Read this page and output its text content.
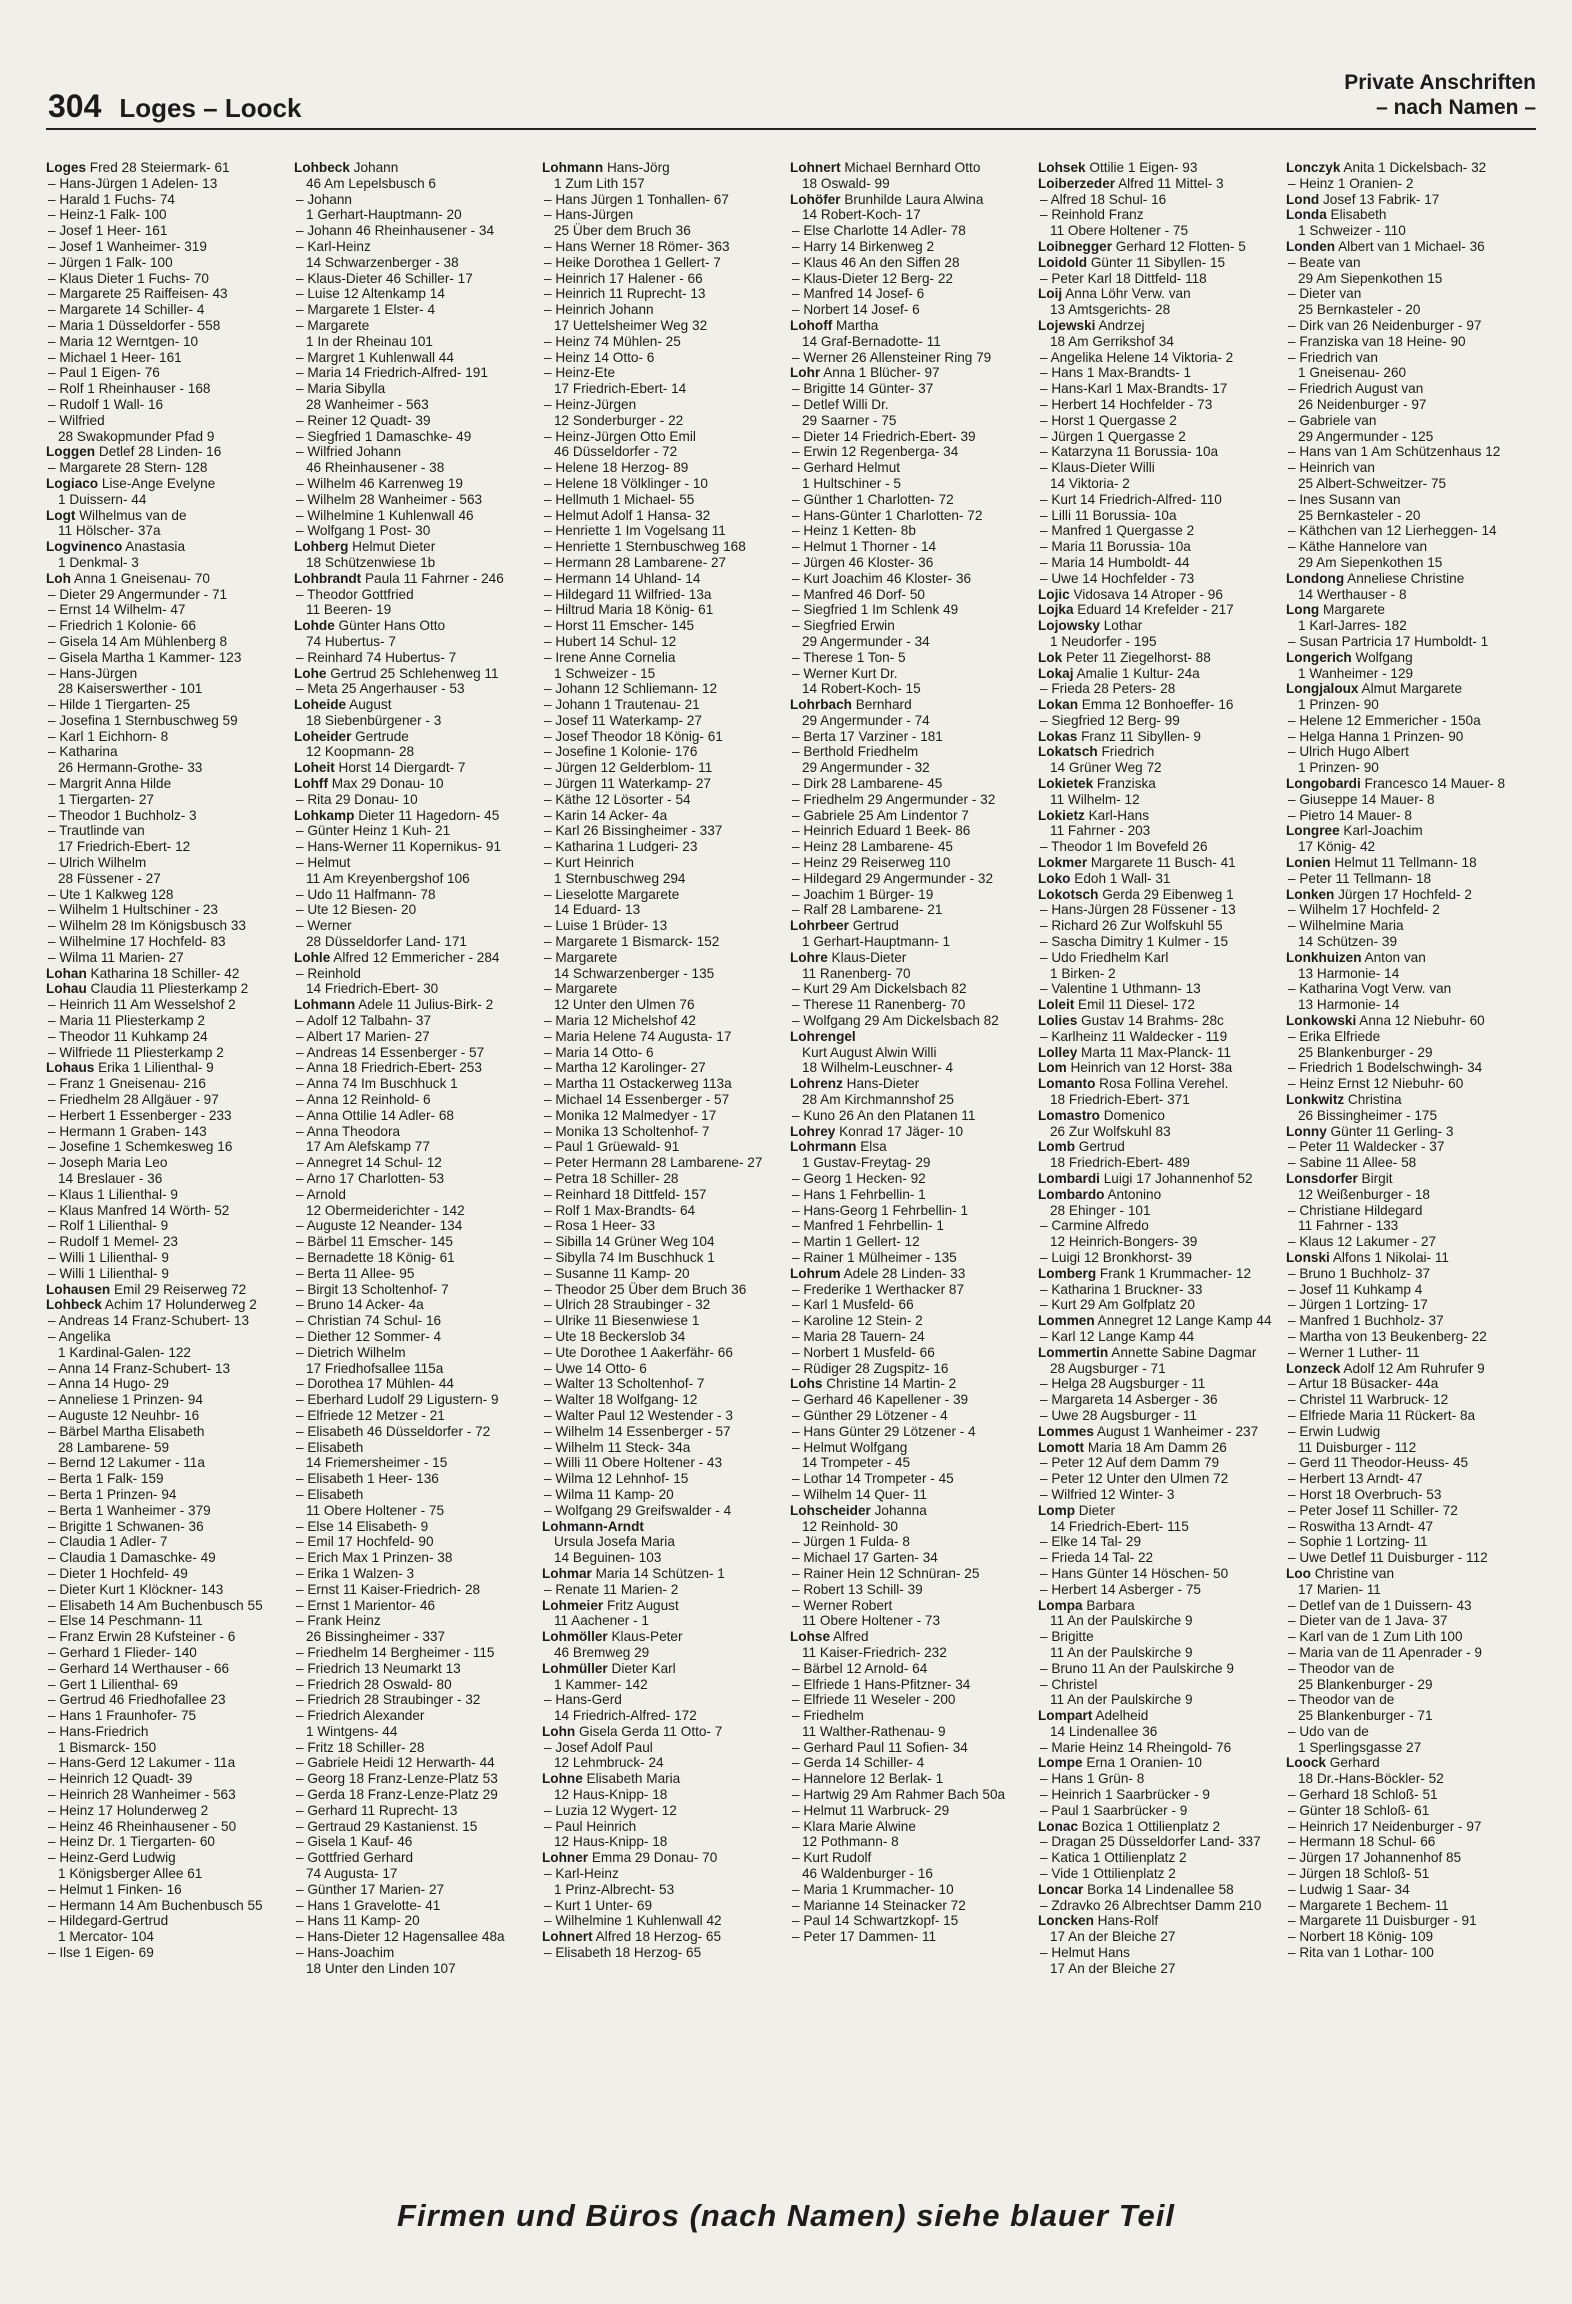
304 Loges – Loock
Private Anschriften
– nach Namen –
Loges Fred 28 Steiermark- 61
– Hans-Jürgen 1 Adelen- 13
– Harald 1 Fuchs- 74
– Heinz-1 Falk- 100
– Josef 1 Heer- 161
– Josef 1 Wanheimer- 319
– Jürgen 1 Falk- 100
– Klaus Dieter 1 Fuchs- 70
– Margarete 25 Raiffeisen- 43
– Margarete 14 Schiller- 4
– Maria 1 Düsseldorfer - 558
– Maria 12 Werntgen- 10
– Michael 1 Heer- 161
– Paul 1 Eigen- 76
– Rolf 1 Rheinhauser - 168
– Rudolf 1 Wall- 16
– Wilfried
28 Swakopmunder Pfad 9
Loggen Detlef 28 Linden- 16
– Margarete 28 Stern- 128
Logiaco Lise-Ange Evelyne
1 Duissern- 44
Logt Wilhelmus van de
11 Hölscher- 37a
Logvinenco Anastasia
1 Denkmal- 3
Loh Anna 1 Gneisenau- 70
– Dieter 29 Angermunder - 71
– Ernst 14 Wilhelm- 47
– Friedrich 1 Kolonie- 66
– Gisela 14 Am Mühlenberg 8
– Gisela Martha 1 Kammer- 123
– Hans-Jürgen
28 Kaiserswerther - 101
– Hilde 1 Tiergarten- 25
– Josefina 1 Sternbuschweg 59
– Karl 1 Eichhorn- 8
– Katharina
26 Hermann-Grothe- 33
– Margrit Anna Hilde
1 Tiergarten- 27
– Theodor 1 Buchholz- 3
– Trautlinde van
17 Friedrich-Ebert- 12
– Ulrich Wilhelm
28 Füssener - 27
– Ute 1 Kalkweg 128
– Wilhelm 1 Hultschiner - 23
– Wilhelm 28 Im Königsbusch 33
– Wilhelmine 17 Hochfeld- 83
– Wilma 11 Marien- 27
Lohan Katharina 18 Schiller- 42
Lohau Claudia 11 Pliesterkamp 2
– Heinrich 11 Am Wesselshof 2
– Maria 11 Pliesterkamp 2
– Theodor 11 Kuhkamp 24
– Wilfriede 11 Pliesterkamp 2
Lohaus Erika 1 Lilienthal- 9
– Franz 1 Gneisenau- 216
– Friedhelm 28 Allgäuer - 97
– Herbert 1 Essenberger - 233
– Hermann 1 Graben- 143
– Josefine 1 Schemkesweg 16
– Joseph Maria Leo
14 Breslauer - 36
– Klaus 1 Lilienthal- 9
– Klaus Manfred 14 Wörth- 52
– Rolf 1 Lilienthal- 9
– Rudolf 1 Memel- 23
– Willi 1 Lilienthal- 9
– Willi 1 Lilienthal- 9
Lohausen Emil 29 Reiserweg 72
Lohbeck Achim 17 Holunderweg 2
– Andreas 14 Franz-Schubert- 13
– Angelika
1 Kardinal-Galen- 122
– Anna 14 Franz-Schubert- 13
– Anna 14 Hugo- 29
– Anneliese 1 Prinzen- 94
– Auguste 12 Neuhbr- 16
– Bärbel Martha Elisabeth
28 Lambarene- 59
– Bernd 12 Lakumer - 11a
– Berta 1 Falk- 159
– Berta 1 Prinzen- 94
– Berta 1 Wanheimer - 379
– Brigitte 1 Schwanen- 36
– Claudia 1 Adler- 7
– Claudia 1 Damaschke- 49
– Dieter 1 Hochfeld- 49
– Dieter Kurt 1 Klöckner- 143
– Elisabeth 14 Am Buchenbusch 55
– Else 14 Peschmann- 11
– Franz Erwin 28 Kufsteiner - 6
– Gerhard 1 Flieder- 140
– Gerhard 14 Werthauser - 66
– Gert 1 Lilienthal- 69
– Gertrud 46 Friedhofallee 23
– Hans 1 Fraunhofer- 75
– Hans-Friedrich
1 Bismarck- 150
– Hans-Gerd 12 Lakumer - 11a
– Heinrich 12 Quadt- 39
– Heinrich 28 Wanheimer - 563
– Heinz 17 Holunderweg 2
– Heinz 46 Rheinhausener - 50
– Heinz Dr. 1 Tiergarten- 60
– Heinz-Gerd Ludwig
1 Königsberger Allee 61
– Helmut 1 Finken- 16
– Hermann 14 Am Buchenbusch 55
– Hildegard-Gertrud
1 Mercator- 104
– Ilse 1 Eigen- 69
Lohbeck Johann
46 Am Lepelsbusch 6
– Johann
1 Gerhart-Hauptmann- 20
– Johann 46 Rheinhausener - 34
– Karl-Heinz
14 Schwarzenberger - 38
– Klaus-Dieter 46 Schiller- 17
– Luise 12 Altenkamp 14
– Margarete 1 Elster- 4
– Margarete
1 In der Rheinau 101
– Margret 1 Kuhlenwall 44
– Maria 14 Friedrich-Alfred- 191
– Maria Sibylla
28 Wanheimer - 563
– Reiner 12 Quadt- 39
– Siegfried 1 Damaschke- 49
– Wilfried Johann
46 Rheinhausener - 38
– Wilhelm 46 Karrenweg 19
– Wilhelm 28 Wanheimer - 563
– Wilhelmine 1 Kuhlenwall 46
– Wolfgang 1 Post- 30
Lohberg Helmut Dieter
18 Schützenwiese 1b
Lohbrandt Paula 11 Fahrner - 246
– Theodor Gottfried
11 Beeren- 19
Lohde Günter Hans Otto
74 Hubertus- 7
– Reinhard 74 Hubertus- 7
Lohe Gertrud 25 Schlehenweg 11
– Meta 25 Angerhauser - 53
Loheide August
18 Siebenbürgener - 3
Loheider Gertrude
12 Koopmann- 28
Loheit Horst 14 Diergardt- 7
Lohff Max 29 Donau- 10
– Rita 29 Donau- 10
Lohkamp Dieter 11 Hagedorn- 45
– Günter Heinz 1 Kuh- 21
– Hans-Werner 11 Kopernikus- 91
– Helmut
11 Am Kreyenbergshof 106
– Udo 11 Halfmann- 78
– Ute 12 Biesen- 20
– Werner
28 Düsseldorfer Land- 171
Lohle Alfred 12 Emmericher - 284
– Reinhold
14 Friedrich-Ebert- 30
Lohmann Adele 11 Julius-Birk- 2
– Adolf 12 Talbahn- 37
– Albert 17 Marien- 27
– Andreas 14 Essenberger - 57
– Anna 18 Friedrich-Ebert- 253
– Anna 74 Im Buschhuck 1
– Anna 12 Reinhold- 6
– Anna Ottilie 14 Adler- 68
– Anna Theodora
17 Am Alefskamp 77
– Annegret 14 Schul- 12
– Arno 17 Charlotten- 53
– Arnold
12 Obermeiderichter - 142
– Auguste 12 Neander- 134
– Bärbel 11 Emscher- 145
– Bernadette 18 König- 61
– Berta 11 Allee- 95
– Birgit 13 Scholtenhof- 7
– Bruno 14 Acker- 4a
– Christian 74 Schul- 16
– Diether 12 Sommer- 4
– Dietrich Wilhelm
17 Friedhofsallee 115a
– Dorothea 17 Mühlen- 44
– Eberhard Ludolf 29 Ligustern- 9
– Elfriede 12 Metzer - 21
– Elisabeth 46 Düsseldorfer - 72
– Elisabeth
14 Friemersheimer - 15
– Elisabeth 1 Heer- 136
– Elisabeth
11 Obere Holtener - 75
– Else 14 Elisabeth- 9
– Emil 17 Hochfeld- 90
– Erich Max 1 Prinzen- 38
– Erika 1 Walzen- 3
– Ernst 11 Kaiser-Friedrich- 28
– Ernst 1 Marientor- 46
– Frank Heinz
26 Bissingheimer - 337
– Friedhelm 14 Bergheimer - 115
– Friedrich 13 Neumarkt 13
– Friedrich 28 Oswald- 80
– Friedrich 28 Straubinger - 32
– Friedrich Alexander
1 Wintgens- 44
– Fritz 18 Schiller- 28
– Gabriele Heidi 12 Herwarth- 44
– Georg 18 Franz-Lenze-Platz 53
– Gerda 18 Franz-Lenze-Platz 29
– Gerhard 11 Ruprecht- 13
– Gertraud 29 Kastanienst. 15
– Gisela 1 Kauf- 46
– Gottfried Gerhard
74 Augusta- 17
– Günther 17 Marien- 27
– Hans 1 Gravelotte- 41
– Hans 11 Kamp- 20
– Hans-Dieter 12 Hagensallee 48a
– Hans-Joachim
18 Unter den Linden 107
Lohmann Hans-Jörg
1 Zum Lith 157
– Hans Jürgen 1 Tonhallen- 67
– Hans-Jürgen
25 Über dem Bruch 36
– Hans Werner 18 Römer- 363
– Heike Dorothea 1 Gellert- 7
– Heinrich 17 Halener - 66
– Heinrich 11 Ruprecht- 13
– Heinrich Johann
17 Uettelsheimer Weg 32
– Heinz 74 Mühlen- 25
– Heinz 14 Otto- 6
– Heinz-Ete
17 Friedrich-Ebert- 14
– Heinz-Jürgen
12 Sonderburger - 22
– Heinz-Jürgen Otto Emil
46 Düsseldorfer - 72
– Helene 18 Herzog- 89
– Helene 18 Völklinger - 10
– Hellmuth 1 Michael- 55
– Helmut Adolf 1 Hansa- 32
– Henriette 1 Im Vogelsang 11
– Henriette 1 Sternbuschweg 168
– Hermann 28 Lambarene- 27
– Hermann 14 Uhland- 14
– Hildegard 11 Wilfried- 13a
– Hiltrud Maria 18 König- 61
– Horst 11 Emscher- 145
– Hubert 14 Schul- 12
– Irene Anne Cornelia
1 Schweizer - 15
– Johann 12 Schliemann- 12
– Johann 1 Trautenau- 21
– Josef 11 Waterkamp- 27
– Josef Theodor 18 König- 61
– Josefine 1 Kolonie- 176
– Jürgen 12 Gelderblom- 11
– Jürgen 11 Waterkamp- 27
– Käthe 12 Lösorter - 54
– Karin 14 Acker- 4a
– Karl 26 Bissingheimer - 337
– Katharina 1 Ludgeri- 23
– Kurt Heinrich
1 Sternbuschweg 294
– Lieselotte Margarete
14 Eduard- 13
– Luise 1 Brüder- 13
– Margarete 1 Bismarck- 152
– Margarete
14 Schwarzenberger - 135
– Margarete
12 Unter den Ulmen 76
– Maria 12 Michelshof 42
– Maria Helene 74 Augusta- 17
– Maria 14 Otto- 6
– Martha 12 Karolinger- 27
– Martha 11 Ostackerweg 113a
– Michael 14 Essenberger - 57
– Monika 12 Malmedyer - 17
– Monika 13 Scholtenhof- 7
– Paul 1 Grüewald- 91
– Peter Hermann 28 Lambarene- 27
– Petra 18 Schiller- 28
– Reinhard 18 Dittfeld- 157
– Rolf 1 Max-Brandts- 64
– Rosa 1 Heer- 33
– Sibilla 14 Grüner Weg 104
– Sibylla 74 Im Buschhuck 1
– Susanne 11 Kamp- 20
– Theodor 25 Über dem Bruch 36
– Ulrich 28 Straubinger - 32
– Ulrike 11 Biesenwiese 1
– Ute 18 Beckerslob 34
– Ute Dorothee 1 Aakerfähr- 66
– Uwe 14 Otto- 6
– Walter 13 Scholtenhof- 7
– Walter 18 Wolfgang- 12
– Walter Paul 12 Westender - 3
– Wilhelm 14 Essenberger - 57
– Wilhelm 11 Steck- 34a
– Willi 11 Obere Holtener - 43
– Wilma 12 Lehnhof- 15
– Wilma 11 Kamp- 20
– Wolfgang 29 Greifswalder - 4
Lohmann-Arndt
Ursula Josefa Maria
14 Beguinen- 103
Lohmar Maria 14 Schützen- 1
– Renate 11 Marien- 2
Lohmeier Fritz August
11 Aachener - 1
Lohmöller Klaus-Peter
46 Bremweg 29
Lohmüller Dieter Karl
1 Kammer- 142
– Hans-Gerd
14 Friedrich-Alfred- 172
Lohn Gisela Gerda 11 Otto- 7
– Josef Adolf Paul
12 Lehmbruck- 24
Lohne Elisabeth Maria
12 Haus-Knipp- 18
– Luzia 12 Wygert- 12
– Paul Heinrich
12 Haus-Knipp- 18
Lohner Emma 29 Donau- 70
– Karl-Heinz
1 Prinz-Albrecht- 53
– Kurt 1 Unter- 69
– Wilhelmine 1 Kuhlenwall 42
Lohnert Alfred 18 Herzog- 65
– Elisabeth 18 Herzog- 65
Lohnert Michael Bernhard Otto
18 Oswald- 99
Lohöfer Brunhilde Laura Alwina
14 Robert-Koch- 17
– Else Charlotte 14 Adler- 78
– Harry 14 Birkenweg 2
– Klaus 46 An den Siffen 28
– Klaus-Dieter 12 Berg- 22
– Manfred 14 Josef- 6
– Norbert 14 Josef- 6
Lohoff Martha
14 Graf-Bernadotte- 11
– Werner 26 Allensteiner Ring 79
Lohr Anna 1 Blücher- 97
– Brigitte 14 Günter- 37
– Detlef Willi Dr.
29 Saarner - 75
– Dieter 14 Friedrich-Ebert- 39
– Erwin 12 Regenberga- 34
– Gerhard Helmut
1 Hultschiner - 5
– Günther 1 Charlotten- 72
– Hans-Günter 1 Charlotten- 72
– Heinz 1 Ketten- 8b
– Helmut 1 Thorner - 14
– Jürgen 46 Kloster- 36
– Kurt Joachim 46 Kloster- 36
– Manfred 46 Dorf- 50
– Siegfried 1 Im Schlenk 49
– Siegfried Erwin
29 Angermunder - 34
– Therese 1 Ton- 5
– Werner Kurt Dr.
14 Robert-Koch- 15
Lohrbach Bernhard
29 Angermunder - 74
– Berta 17 Varziner - 181
– Berthold Friedhelm
29 Angermunder - 32
– Dirk 28 Lambarene- 45
– Friedhelm 29 Angermunder - 32
– Gabriele 25 Am Lindentor 7
– Heinrich Eduard 1 Beek- 86
– Heinz 28 Lambarene- 45
– Heinz 29 Reiserweg 110
– Hildegard 29 Angermunder - 32
– Joachim 1 Bürger- 19
– Ralf 28 Lambarene- 21
Lohrbeer Gertrud
1 Gerhart-Hauptmann- 1
Lohre Klaus-Dieter
11 Ranenberg- 70
– Kurt 29 Am Dickelsbach 82
– Therese 11 Ranenberg- 70
– Wolfgang 29 Am Dickelsbach 82
Lohrengel
Kurt August Alwin Willi
18 Wilhelm-Leuschner- 4
Lohrenz Hans-Dieter
28 Am Kirchmannshof 25
– Kuno 26 An den Platanen 11
Lohrey Konrad 17 Jäger- 10
Lohrmann Elsa
1 Gustav-Freytag- 29
– Georg 1 Hecken- 92
– Hans 1 Fehrbellin- 1
– Hans-Georg 1 Fehrbellin- 1
– Manfred 1 Fehrbellin- 1
– Martin 1 Gellert- 12
– Rainer 1 Mülheimer - 135
Lohrum Adele 28 Linden- 33
– Frederike 1 Werthacker 87
– Karl 1 Musfeld- 66
– Karoline 12 Stein- 2
– Maria 28 Tauern- 24
– Norbert 1 Musfeld- 66
– Rüdiger 28 Zugspitz- 16
Lohs Christine 14 Martin- 2
– Gerhard 46 Kapellener - 39
– Günther 29 Lötzener - 4
– Hans Günter 29 Lötzener - 4
– Helmut Wolfgang
14 Trompeter - 45
– Lothar 14 Trompeter - 45
– Wilhelm 14 Quer- 11
Lohscheider Johanna
12 Reinhold- 30
– Jürgen 1 Fulda- 8
– Michael 17 Garten- 34
– Rainer Hein 12 Schnüran- 25
– Robert 13 Schill- 39
– Werner Robert
11 Obere Holtener - 73
Lohse Alfred
11 Kaiser-Friedrich- 232
– Bärbel 12 Arnold- 64
– Elfriede 1 Hans-Pfitzner- 34
– Elfriede 11 Weseler - 200
– Friedhelm
11 Walther-Rathenau- 9
– Gerhard Paul 11 Sofien- 34
– Gerda 14 Schiller- 4
– Hannelore 12 Berlak- 1
– Hartwig 29 Am Rahmer Bach 50a
– Helmut 11 Warbruck- 29
– Klara Marie Alwine
12 Pothmann- 8
– Kurt Rudolf
46 Waldenburger - 16
– Maria 1 Krummacher- 10
– Marianne 14 Steinacker 72
– Paul 14 Schwartzkopf- 15
– Peter 17 Dammen- 11
Lohsek Ottilie 1 Eigen- 93
Loiberzeder Alfred 11 Mittel- 3
– Alfred 18 Schul- 16
– Reinhold Franz
11 Obere Holtener - 75
Loibnegger Gerhard 12 Flotten- 5
Loidold Günter 11 Sibyllen- 15
– Peter Karl 18 Dittfeld- 118
Loij Anna Löhr Verw. van
13 Amtsgerichts- 28
Lojewski Andrzej
18 Am Gerrikshof 34
– Angelika Helene 14 Viktoria- 2
– Hans 1 Max-Brandts- 1
– Hans-Karl 1 Max-Brandts- 17
– Herbert 14 Hochfelder - 73
– Horst 1 Quergasse 2
– Jürgen 1 Quergasse 2
– Katarzyna 11 Borussia- 10a
– Klaus-Dieter Willi
14 Viktoria- 2
– Kurt 14 Friedrich-Alfred- 110
– Lilli 11 Borussia- 10a
– Manfred 1 Quergasse 2
– Maria 11 Borussia- 10a
– Maria 14 Humboldt- 44
– Uwe 14 Hochfelder - 73
Lojic Vidosava 14 Atroper - 96
Lojka Eduard 14 Krefelder - 217
Lojowsky Lothar
1 Neudorfer - 195
Lok Peter 11 Ziegelhorst- 88
Lokaj Amalie 1 Kultur- 24a
– Frieda 28 Peters- 28
Lokan Emma 12 Bonhoeffer- 16
– Siegfried 12 Berg- 99
Lokas Franz 11 Sibyllen- 9
Lokatsch Friedrich
14 Grüner Weg 72
Lokietek Franziska
11 Wilhelm- 12
Lokietz Karl-Hans
11 Fahrner - 203
– Theodor 1 Im Bovefeld 26
Lokmer Margarete 11 Busch- 41
Loko Edoh 1 Wall- 31
Lokotsch Gerda 29 Eibenweg 1
– Hans-Jürgen 28 Füssener - 13
– Richard 26 Zur Wolfskuhl 55
– Sascha Dimitry 1 Kulmer - 15
– Udo Friedhelm Karl
1 Birken- 2
– Valentine 1 Uthmann- 13
Loleit Emil 11 Diesel- 172
Lolies Gustav 14 Brahms- 28c
– Karlheinz 11 Waldecker - 119
Lolley Marta 11 Max-Planck- 11
Lom Heinrich van 12 Horst- 38a
Lomanto Rosa Follina Verehel.
18 Friedrich-Ebert- 371
Lomastro Domenico
26 Zur Wolfskuhl 83
Lomb Gertrud
18 Friedrich-Ebert- 489
Lombardi Luigi 17 Johannenhof 52
Lombardo Antonino
28 Ehinger - 101
– Carmine Alfredo
12 Heinrich-Bongers- 39
– Luigi 12 Bronkhorst- 39
Lomberg Frank 1 Krummacher- 12
– Katharina 1 Bruckner- 33
– Kurt 29 Am Golfplatz 20
Lommen Annegret 12 Lange Kamp 44
– Karl 12 Lange Kamp 44
Lommertin Annette Sabine Dagmar
28 Augsburger - 71
– Helga 28 Augsburger - 11
– Margareta 14 Asberger - 36
– Uwe 28 Augsburger - 11
Lommes August 1 Wanheimer - 237
Lomott Maria 18 Am Damm 26
– Peter 12 Auf dem Damm 79
– Peter 12 Unter den Ulmen 72
– Wilfried 12 Winter- 3
Lomp Dieter
14 Friedrich-Ebert- 115
– Elke 14 Tal- 29
– Frieda 14 Tal- 22
– Hans Günter 14 Höschen- 50
– Herbert 14 Asberger - 75
Lompa Barbara
11 An der Paulskirche 9
– Brigitte
11 An der Paulskirche 9
– Bruno 11 An der Paulskirche 9
– Christel
11 An der Paulskirche 9
Lompart Adelheid
14 Lindenallee 36
– Marie Heinz 14 Rheingold- 76
Lompe Erna 1 Oranien- 10
– Hans 1 Grün- 8
– Heinrich 1 Saarbrücker - 9
– Paul 1 Saarbrücker - 9
Lonac Bozica 1 Ottilienplatz 2
– Dragan 25 Düsseldorfer Land- 337
– Katica 1 Ottilienplatz 2
– Vide 1 Ottilienplatz 2
Loncar Borka 14 Lindenallee 58
– Zdravko 26 Albrechtser Damm 210
Loncken Hans-Rolf
17 An der Bleiche 27
– Helmut Hans
17 An der Bleiche 27
Lonczyk Anita 1 Dickelsbach- 32
– Heinz 1 Oranien- 2
Lond Josef 13 Fabrik- 17
Londa Elisabeth
1 Schweizer - 110
Londen Albert van 1 Michael- 36
– Beate van
29 Am Siepenkothen 15
– Dieter van
25 Bernkasteler - 20
– Dirk van 26 Neidenburger - 97
– Franziska van 18 Heine- 90
– Friedrich van
1 Gneisenau- 260
– Friedrich August van
26 Neidenburger - 97
– Gabriele van
29 Angermunder - 125
– Hans van 1 Am Schützenhaus 12
– Heinrich van
25 Albert-Schweitzer- 75
– Ines Susann van
25 Bernkasteler - 20
– Käthchen van 12 Lierheggen- 14
– Käthe Hannelore van
29 Am Siepenkothen 15
Londong Anneliese Christine
14 Werthauser - 8
Long Margarete
1 Karl-Jarres- 182
– Susan Partricia 17 Humboldt- 1
Longerich Wolfgang
1 Wanheimer - 129
Longjaloux Almut Margarete
1 Prinzen- 90
– Helene 12 Emmericher - 150a
– Helga Hanna 1 Prinzen- 90
– Ulrich Hugo Albert
1 Prinzen- 90
Longobardi Francesco 14 Mauer- 8
– Giuseppe 14 Mauer- 8
– Pietro 14 Mauer- 8
Longree Karl-Joachim
17 König- 42
Lonien Helmut 11 Tellmann- 18
– Peter 11 Tellmann- 18
Lonken Jürgen 17 Hochfeld- 2
– Wilhelm 17 Hochfeld- 2
– Wilhelmine Maria
14 Schützen- 39
Lonkhuizen Anton van
13 Harmonie- 14
– Katharina Vogt Verw. van
13 Harmonie- 14
Lonkowski Anna 12 Niebuhr- 60
– Erika Elfriede
25 Blankenburger - 29
– Friedrich 1 Bodelschwingh- 34
– Heinz Ernst 12 Niebuhr- 60
Lonkwitz Christina
26 Bissingheimer - 175
Lonny Günter 11 Gerling- 3
– Peter 11 Waldecker - 37
– Sabine 11 Allee- 58
Lonsdorfer Birgit
12 Weißenburger - 18
– Christiane Hildegard
11 Fahrner - 133
– Klaus 12 Lakumer - 27
Lonski Alfons 1 Nikolai- 11
– Bruno 1 Buchholz- 37
– Josef 11 Kuhkamp 4
– Jürgen 1 Lortzing- 17
– Manfred 1 Buchholz- 37
– Martha von 13 Beukenberg- 22
– Werner 1 Luther- 11
Lonzeck Adolf 12 Am Ruhrufer 9
– Artur 18 Büsacker- 44a
– Christel 11 Warbruck- 12
– Elfriede Maria 11 Rückert- 8a
– Erwin Ludwig
11 Duisburger - 112
– Gerd 11 Theodor-Heuss- 45
– Herbert 13 Arndt- 47
– Horst 18 Overbruch- 53
– Peter Josef 11 Schiller- 72
– Roswitha 13 Arndt- 47
– Sophie 1 Lortzing- 11
– Uwe Detlef 11 Duisburger - 112
Loo Christine van
17 Marien- 11
– Detlef van de 1 Duissern- 43
– Dieter van de 1 Java- 37
– Karl van de 1 Zum Lith 100
– Maria van de 11 Apenrader - 9
– Theodor van de
25 Blankenburger - 29
– Theodor van de
25 Blankenburger - 71
– Udo van de
1 Sperlingsgasse 27
Loock Gerhard
18 Dr.-Hans-Böckler- 52
– Gerhard 18 Schloß- 51
– Günter 18 Schloß- 61
– Heinrich 17 Neidenburger - 97
– Hermann 18 Schul- 66
– Jürgen 17 Johannenhof 85
– Jürgen 18 Schloß- 51
– Ludwig 1 Saar- 34
– Margarete 1 Bechem- 11
– Margarete 11 Duisburger - 91
– Norbert 18 König- 109
– Rita van 1 Lothar- 100
Firmen und Büros (nach Namen) siehe blauer Teil
